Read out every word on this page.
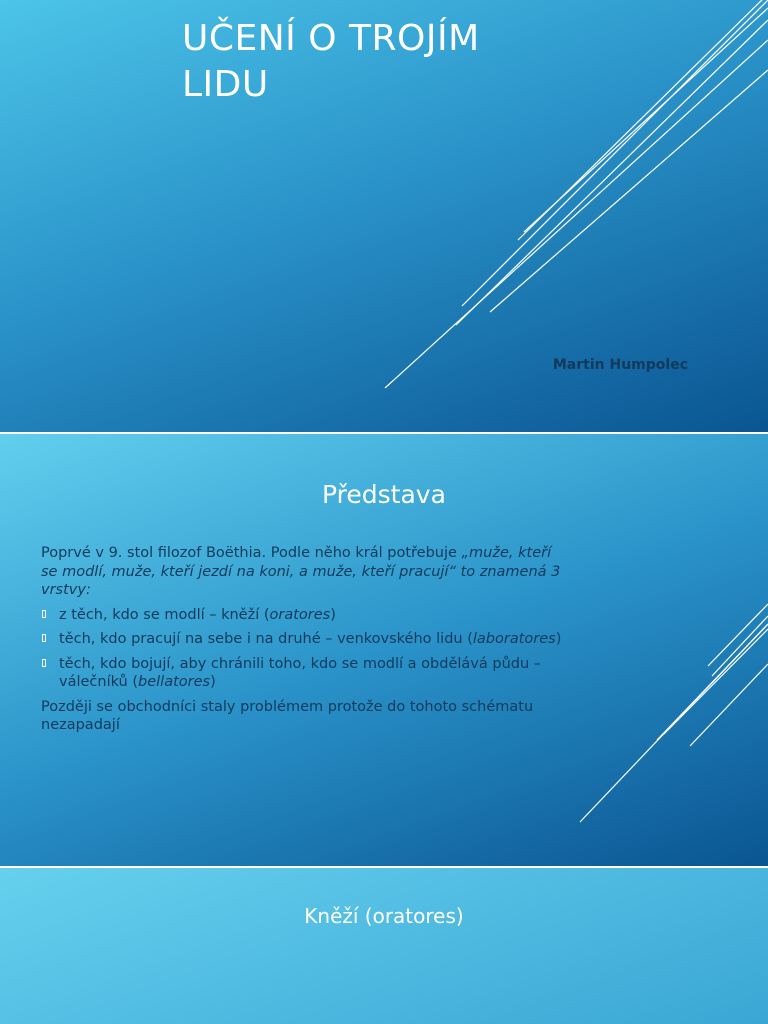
UČENÍ O TROJÍM
LIDU
Martin Humpolec
Představa

Poprvé v 9. stol filozof Boëthia. Podle něho král potřebuje „muže, kteří se modlí, muže, kteří jezdí na koni, a muže, kteří pracují“ to znamená 3 vrstvy:

z těch, kdo se modlí – kněží (oratores)
těch, kdo pracují na sebe i na druhé – venkovského lidu (laboratores)
těch, kdo bojují, aby chránili toho, kdo se modlí a obdělává půdu – válečníků (bellatores)

Později se obchodníci staly problémem protože do tohoto schématu nezapadají

Kněží (oratores)
